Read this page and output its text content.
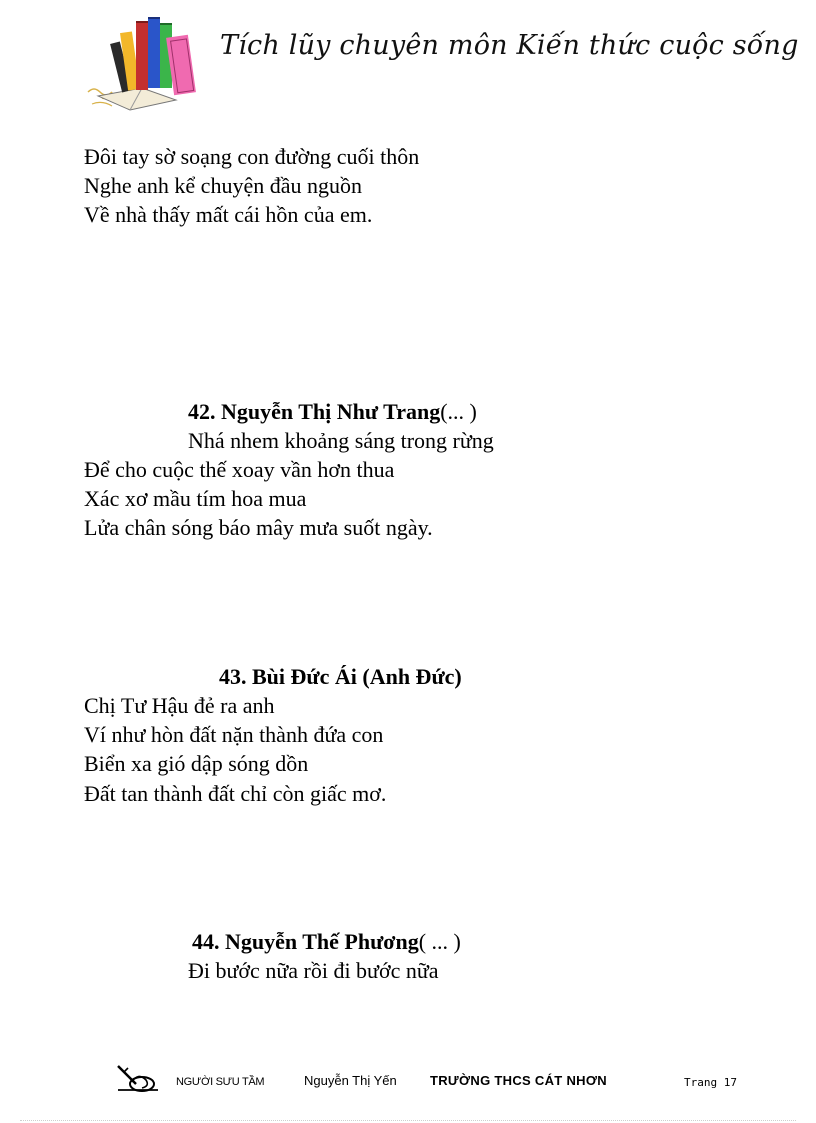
Tích lũy chuyên môn Kiến thức cuộc sống
Đôi tay sờ soạng con đường cuối thôn
Nghe anh kể chuyện đầu nguồn
Về nhà thấy mất cái hồn của em.
42. Nguyễn Thị Như Trang(... )
Nhá nhem khoảng sáng trong rừng
Để cho cuộc thế xoay vần hơn thua
Xác xơ mầu tím hoa mua
Lửa chân sóng báo mây mưa suốt ngày.
43. Bùi Đức Ái (Anh Đức)
Chị Tư Hậu đẻ ra anh
Ví như hòn đất nặn thành đứa con
Biển xa gió dập sóng dồn
Đất tan thành đất chỉ còn giấc mơ.
44. Nguyễn Thế Phương( ... )
Đi bước nữa rồi đi bước nữa
NGƯỜI SƯU TẦM	Nguyễn Thị Yến	TRƯỜNG THCS CÁT NHƠN	Trang 17
